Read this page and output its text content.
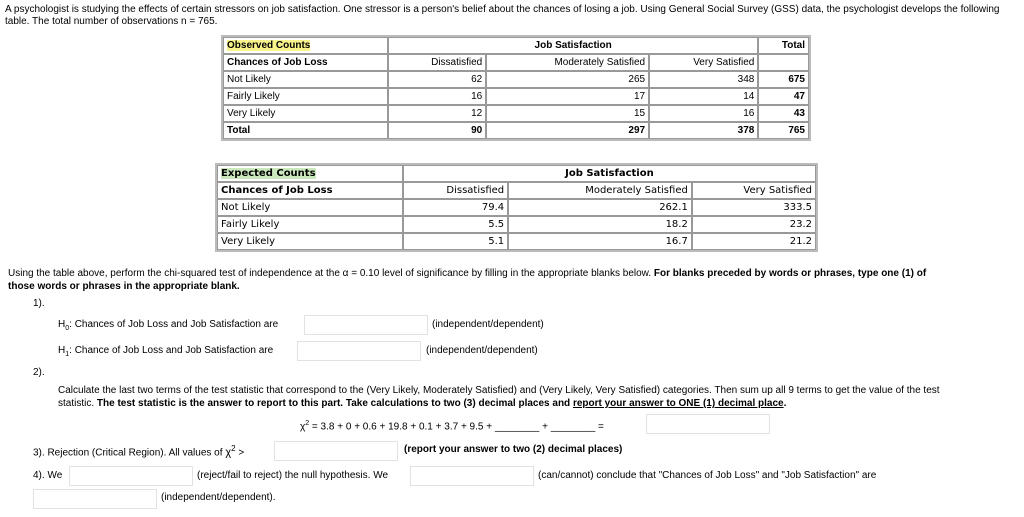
A psychologist is studying the effects of certain stressors on job satisfaction. One stressor is a person's belief about the chances of losing a job. Using General Social Survey (GSS) data, the psychologist develops the following table. The total number of observations n = 765.
Observed Counts	Job Satisfaction			Total
Chances of Job Loss	Dissatisfied	Moderately Satisfied	Very Satisfied	
Not Likely	62	265	348	675
Fairly Likely	16	17	14	47
Very Likely	12	15	16	43
Total	90	297	378	765
Expected Counts	Job Satisfaction		
Chances of Job Loss	Dissatisfied	Moderately Satisfied	Very Satisfied
Not Likely	79.4	262.1	333.5
Fairly Likely	5.5	18.2	23.2
Very Likely	5.1	16.7	21.2
Using the table above, perform the chi-squared test of independence at the α = 0.10 level of significance by filling in the appropriate blanks below. For blanks preceded by words or phrases, type one (1) of
those words or phrases in the appropriate blank.
1).
$H_0$: Chances of Job Loss and Job Satisfaction are	(independent/dependent)
$H_1$: Chance of Job Loss and Job Satisfaction are	(independent/dependent)
2).
Calculate the last two terms of the test statistic that correspond to the (Very Likely, Moderately Satisfied) and (Very Likely, Very Satisfied) categories. Then sum up all 9 terms to get the value of the test
statistic. The test statistic is the answer to report to this part. Take calculations to two (3) decimal places and report your answer to ONE (1) decimal place.
$\chi^2 = 3.8 + 0 + 0.6 + 19.8 + 0.1 + 3.7 + 9.5$ + ________ + ________ =
3). Rejection (Critical Region). All values of $\chi^2$ >	(report your answer to two (2) decimal places)
4). We	(reject/fail to reject) the null hypothesis. We	(can/cannot) conclude that "Chances of Job Loss" and "Job Satisfaction" are
(independent/dependent).
